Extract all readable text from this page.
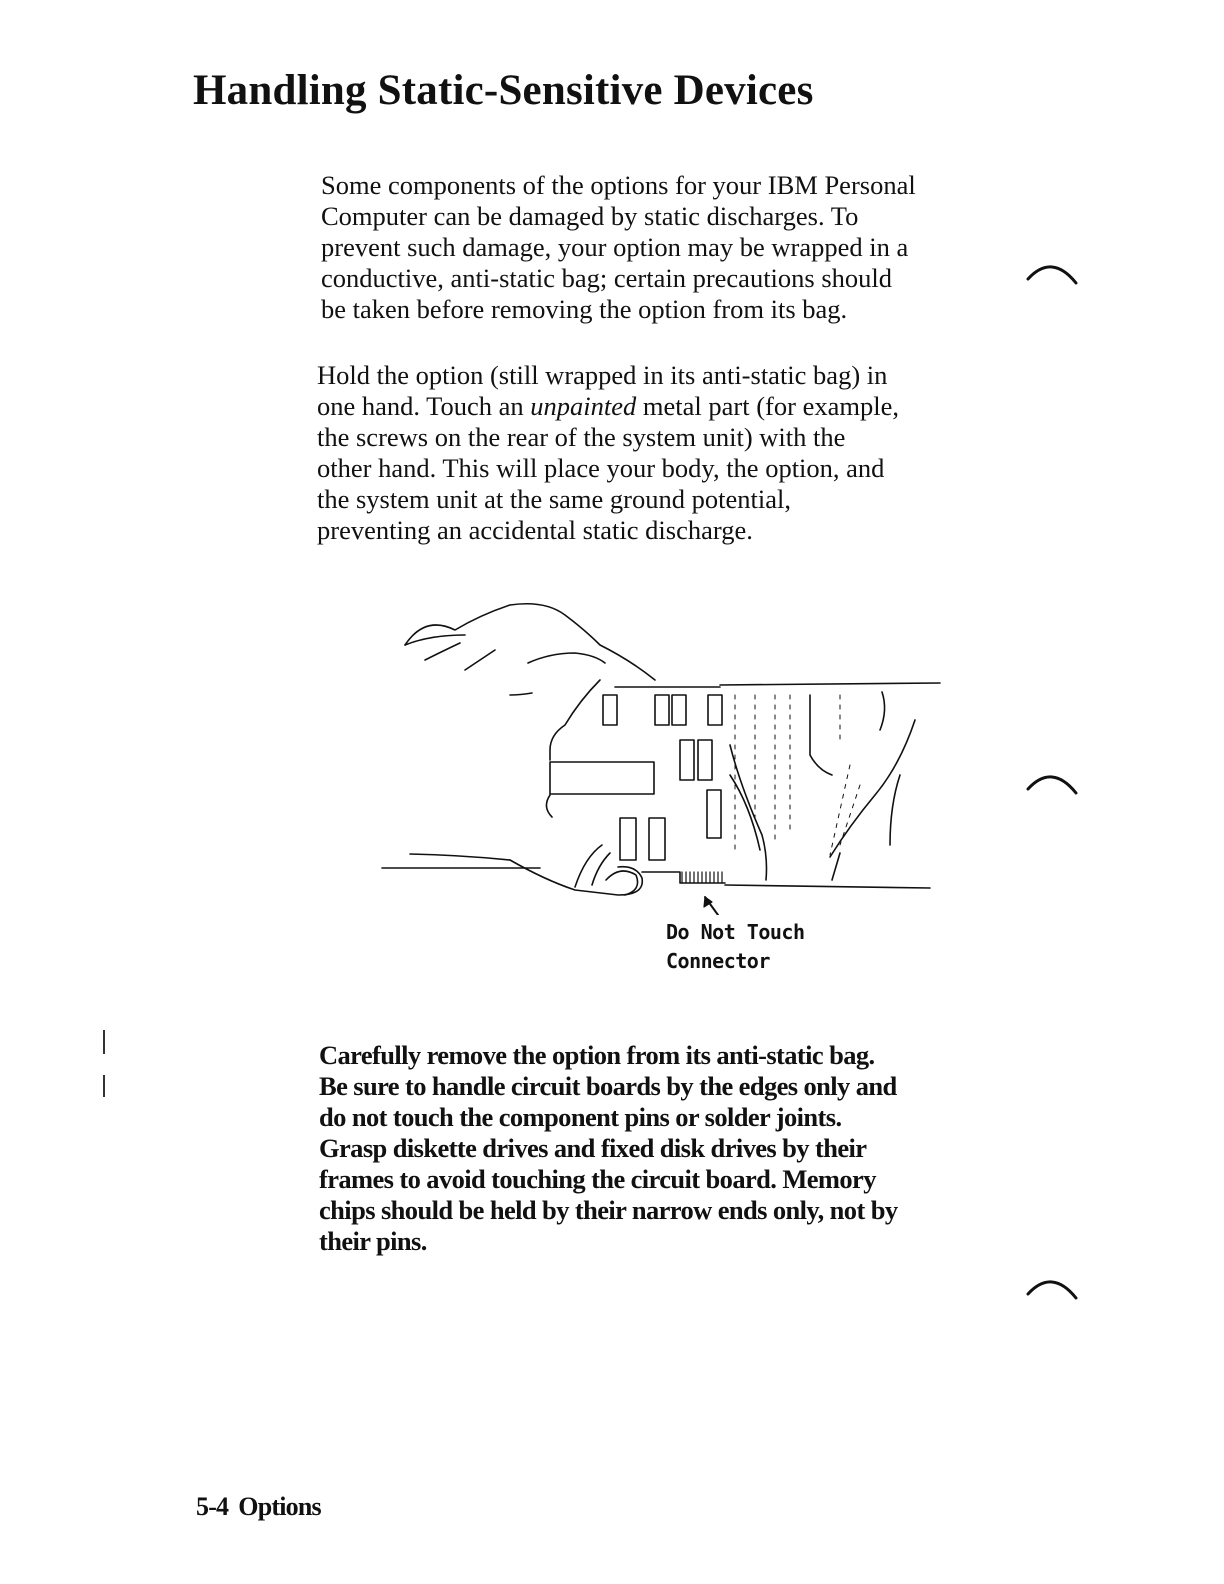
Handling Static-Sensitive Devices
Some components of the options for your IBM Personal
Computer can be damaged by static discharges. To
prevent such damage, your option may be wrapped in a
conductive, anti-static bag; certain precautions should
be taken before removing the option from its bag.
Hold the option (still wrapped in its anti-static bag) in
one hand. Touch an unpainted metal part (for example,
the screws on the rear of the system unit) with the
other hand. This will place your body, the option, and
the system unit at the same ground potential,
preventing an accidental static discharge.
Do Not Touch
Connector
Carefully remove the option from its anti-static bag.
Be sure to handle circuit boards by the edges only and
do not touch the component pins or solder joints.
Grasp diskette drives and fixed disk drives by their
frames to avoid touching the circuit board. Memory
chips should be held by their narrow ends only, not by
their pins.
5-4 Options
